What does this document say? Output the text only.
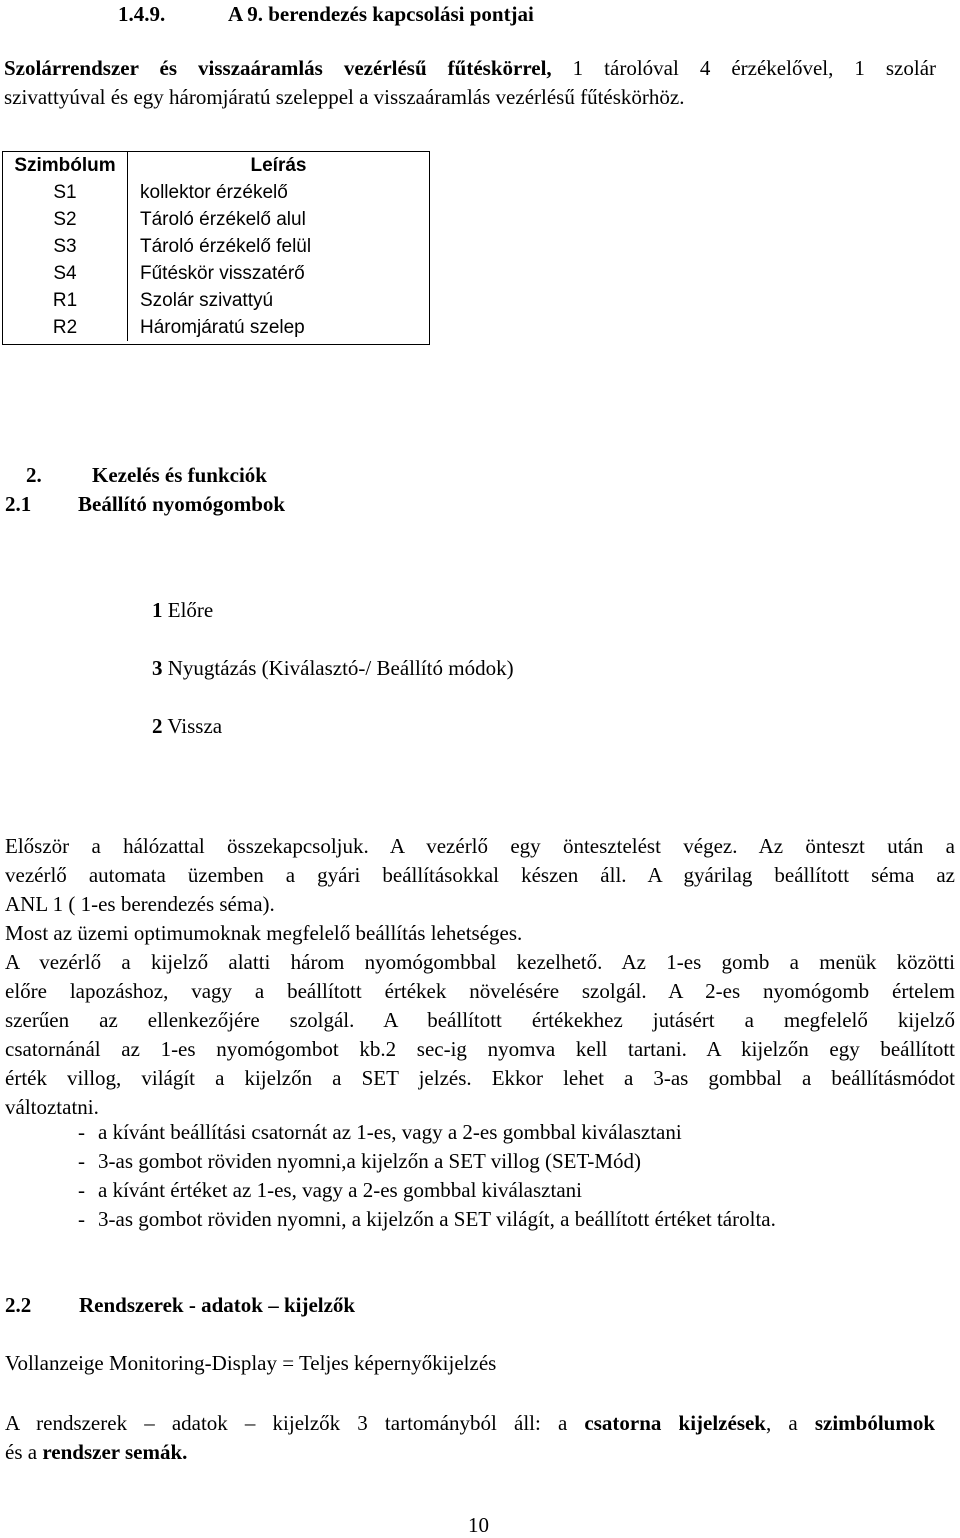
1.4.9.	A 9. berendezés kapcsolási pontjai
Szolárrendszer és visszaáramlás vezérlésű fűtéskörrel, 1 tárolóval 4 érzékelővel, 1 szolár
szivattyúval és egy háromjáratú szeleppel a visszaáramlás vezérlésű fűtéskörhöz.
Szimbólum	Leírás
S1	kollektor érzékelő
S2	Tároló érzékelő alul
S3	Tároló érzékelő felül
S4	Fűtéskör visszatérő
R1	Szolár szivattyú
R2	Háromjáratú szelep
2. Kezelés és funkciók
2.1 Beállító nyomógombok
1 Előre
3 Nyugtázás (Kiválasztó-/ Beállító módok)
2 Vissza
Először a hálózattal összekapcsoljuk. A vezérlő egy öntesztelést végez. Az önteszt után a
vezérlő automata üzemben a gyári beállításokkal készen áll. A gyárilag beállított séma az
ANL 1 ( 1-es berendezés séma).
Most az üzemi optimumoknak megfelelő beállítás lehetséges.
A vezérlő a kijelző alatti három nyomógombbal kezelhető. Az 1-es gomb a menük közötti
előre lapozáshoz, vagy a beállított értékek növelésére szolgál. A 2-es nyomógomb értelem
szerűen az ellenkezőjére szolgál. A beállított értékekhez jutásért a megfelelő kijelző
csatornánál az 1-es nyomógombot kb.2 sec-ig nyomva kell tartani. A kijelzőn egy beállított
érték villog, világít a kijelzőn a SET jelzés. Ekkor lehet a 3-as gombbal a beállításmódot
változtatni.
- a kívánt beállítási csatornát az 1-es, vagy a 2-es gombbal kiválasztani
- 3-as gombot röviden nyomni,a kijelzőn a SET villog (SET-Mód)
- a kívánt értéket az 1-es, vagy a 2-es gombbal kiválasztani
- 3-as gombot röviden nyomni, a kijelzőn a SET világít, a beállított értéket tárolta.
2.2 Rendszerek - adatok – kijelzők
Vollanzeige Monitoring-Display = Teljes képernyőkijelzés
A rendszerek – adatok – kijelzők 3 tartományból áll: a csatorna kijelzések, a szimbólumok
és a rendszer semák.
10
